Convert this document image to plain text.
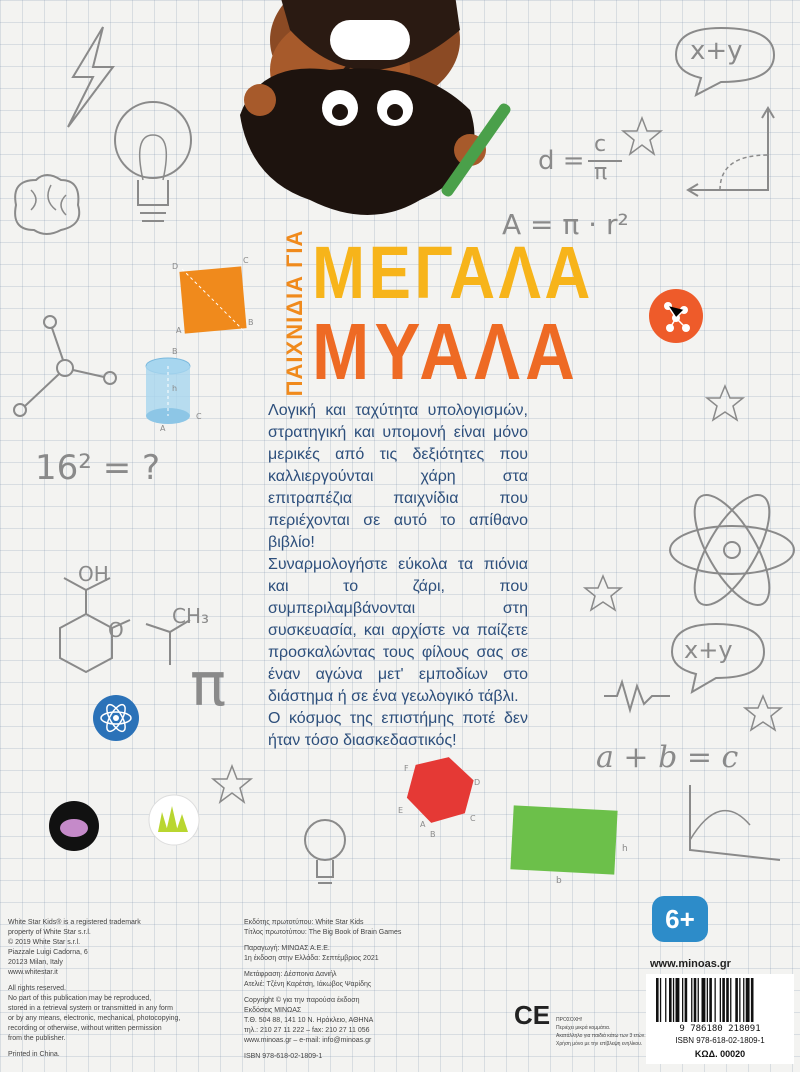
D
C
A
B
B
h
A
C
16² = ?
OH
O
CH₃
π
x+y
d =
c
π
A = π · r²
x+y
a + b = c
F
D
E
C
A
B
h
b
ΠΑΙΧΝΙΔΙΑ ΓΙΑ ΜΕΓΑΛΑ
ΜΥΑΛΑ

Λογική και ταχύτητα υπολογισμών, στρατηγική και υπομονή είναι μόνο μερικές από τις δεξιότητες που καλλιεργούνται χάρη στα επιτραπέζια παιχνίδια που περιέχονται σε αυτό το απίθανο βιβλίο!

Συναρμολογήστε εύκολα τα πιόνια και το ζάρι, που συμπεριλαμβάνονται στη συσκευασία, και αρχίστε να παίζετε προσκαλώντας τους φίλους σας σε έναν αγώνα μετ' εμποδίων στο διάστημα ή σε ένα γεωλογικό τάβλι.

Ο κόσμος της επιστήμης ποτέ δεν ήταν τόσο διασκεδαστικός!

White Star Kids® is a registered trademark
property of White Star s.r.l.
© 2019 White Star s.r.l.
Piazzale Luigi Cadorna, 6
20123 Milan, Italy
www.whitestar.it
All rights reserved.
No part of this publication may be reproduced,
stored in a retrieval system or transmitted in any form
or by any means, electronic, mechanical, photocopying,
recording or otherwise, without written permission
from the publisher.
Printed in China.
Εκδότης πρωτοτύπου: White Star Kids
Τίτλος πρωτοτύπου: The Big Book of Brain Games
Παραγωγή: ΜΙΝΩΑΣ Α.Ε.Ε.
1η έκδοση στην Ελλάδα: Σεπτέμβριος 2021
Μετάφραση: Δέσποινα Δανιήλ
Ατελιέ: Τζένη Καρέτση, Ιάκωβος Ψαρίδης
Copyright © για την παρούσα έκδοση
Εκδόσεις ΜΙΝΩΑΣ
Τ.Θ. 504 88, 141 10 Ν. Ηράκλειο, ΑΘΗΝΑ
τηλ.: 210 27 11 222 – fax: 210 27 11 056
www.minoas.gr – e-mail: info@minoas.gr
ISBN 978-618-02-1809-1
CE ΠΡΟΣΟΧΗ!
Περιέχει μικρά κομμάτια.
Ακατάλληλο για παιδιά κάτω των 3 ετών.
Χρήση μόνο με την επίβλεψη ενηλίκου.
6+
www.minoas.gr
9 786180 218091
ISBN 978-618-02-1809-1
ΚΩΔ. 00020
